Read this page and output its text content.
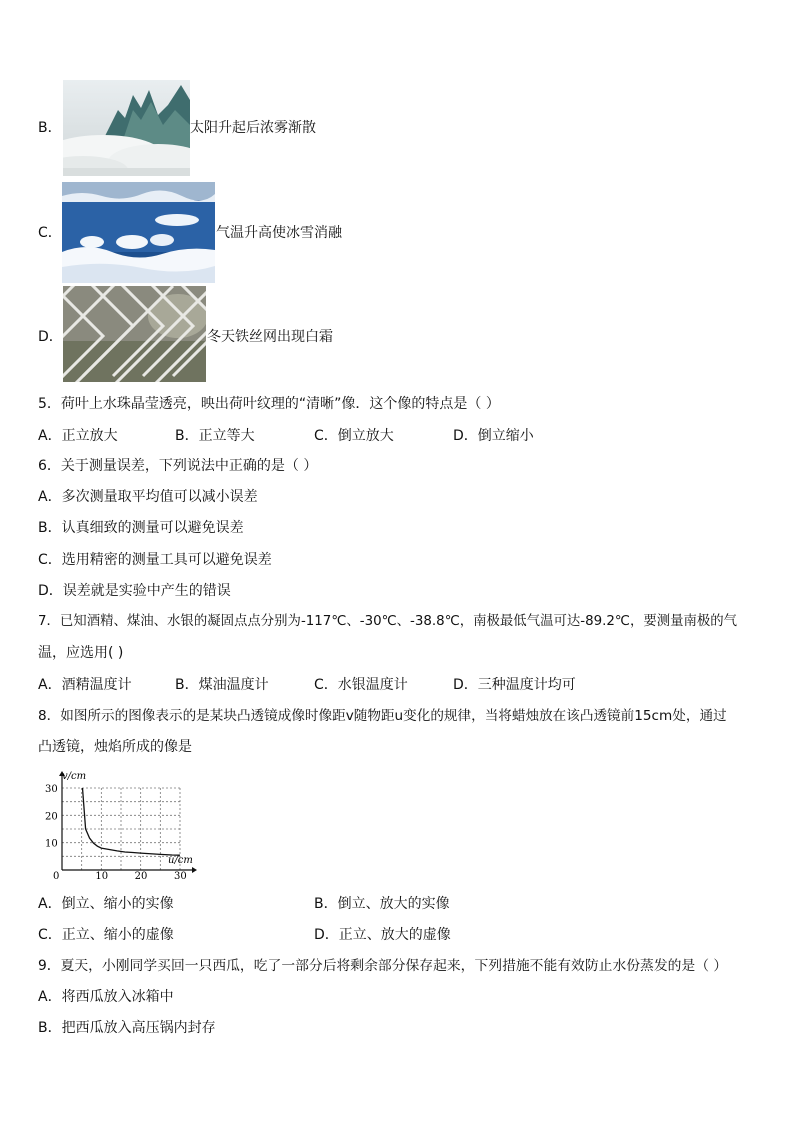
B．	太阳升起后浓雾渐散
C．	气温升高使冰雪消融
D．	冬天铁丝网出现白霜
5．荷叶上水珠晶莹透亮，映出荷叶纹理的“清晰”像．这个像的特点是（ ）
A．正立放大	B．正立等大	C．倒立放大	D．倒立缩小
6．关于测量误差，下列说法中正确的是（ ）
A．多次测量取平均值可以减小误差
B．认真细致的测量可以避免误差
C．选用精密的测量工具可以避免误差
D．误差就是实验中产生的错误
7．已知酒精、煤油、水银的凝固点点分别为-117℃、-30℃、-38.8℃，南极最低气温可达-89.2℃，要测量南极的气
温，应选用( )
A．酒精温度计	B．煤油温度计	C．水银温度计	D．三种温度计均可
8．如图所示的图像表示的是某块凸透镜成像时像距v随物距u变化的规律，当将蜡烛放在该凸透镜前15cm处，通过
凸透镜，烛焰所成的像是
10	20	30
10
20
30
v/cm
u/cm
0
A．倒立、缩小的实像	B．倒立、放大的实像
C．正立、缩小的虚像	D．正立、放大的虚像
9．夏天，小刚同学买回一只西瓜，吃了一部分后将剩余部分保存起来，下列措施不能有效防止水份蒸发的是（ ）
A．将西瓜放入冰箱中
B．把西瓜放入高压锅内封存
